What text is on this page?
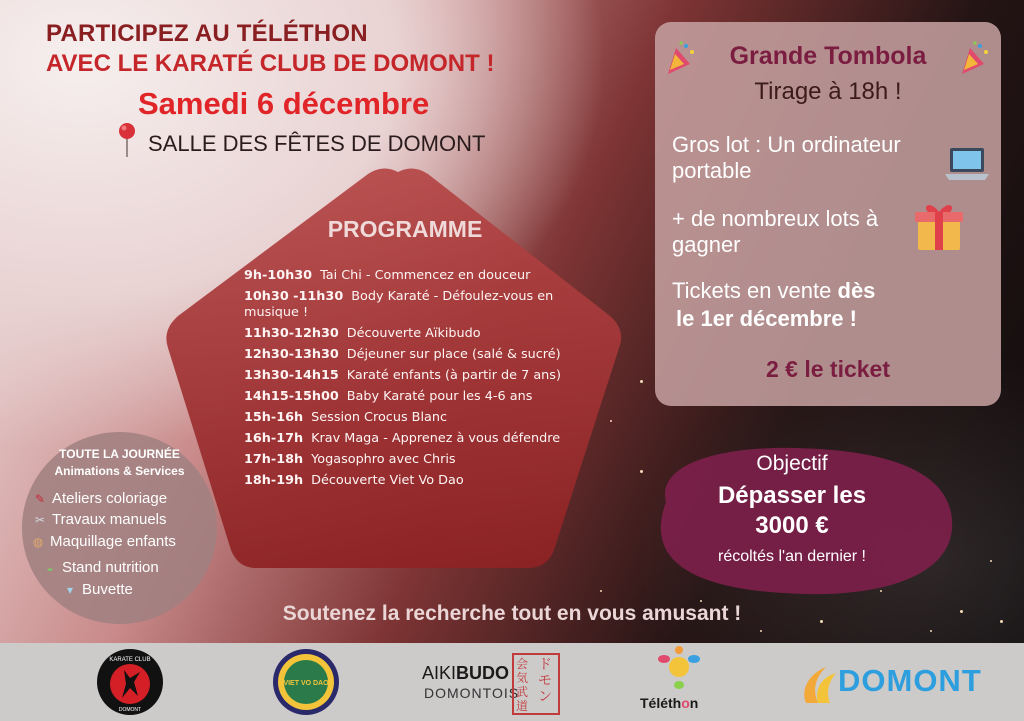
PARTICIPEZ AU TÉLÉTHON
AVEC LE KARATÉ CLUB DE DOMONT !
Samedi 6 décembre
SALLE DES FÊTES DE DOMONT
PROGRAMME
9h-10h30 Tai Chi - Commencez en douceur
10h30 -11h30 Body Karaté - Défoulez-vous en musique !
11h30-12h30 Découverte Aïkibudo
12h30-13h30 Déjeuner sur place (salé & sucré)
13h30-14h15 Karaté enfants (à partir de 7 ans)
14h15-15h00 Baby Karaté pour les 4-6 ans
15h-16h Session Crocus Blanc
16h-17h Krav Maga - Apprenez à vous défendre
17h-18h Yogasophro avec Chris
18h-19h Découverte Viet Vo Dao
TOUTE LA JOURNÉE
Animations & Services
✎ Ateliers coloriage
✂ Travaux manuels
◍ Maquillage enfants
◒ Stand nutrition
▾ Buvette
Grande Tombola
Tirage à 18h !
Gros lot : Un ordinateur portable
+ de nombreux lots à gagner
Tickets en vente dès
le 1er décembre !
2 € le ticket
Objectif
Dépasser les
3000 €
récoltés l'an dernier !
Soutenez la recherche tout en vous amusant !
KARATE CLUB
DOMONT
VIET VO DAO
AIKIBUDO
DOMONTOIS
会気武道
ドモン	Téléthon
DOMONT
